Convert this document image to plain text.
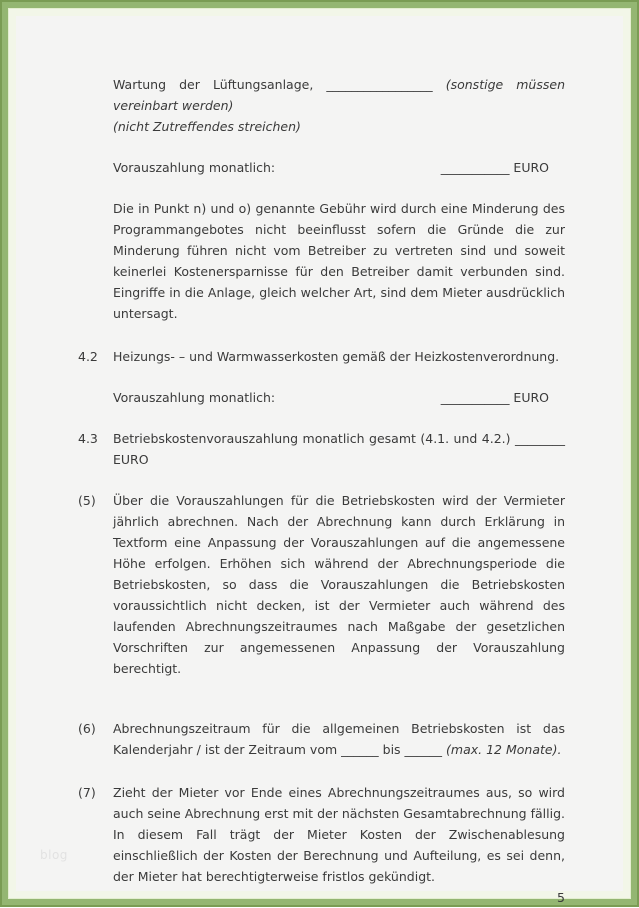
Wartung der Lüftungsanlage, _________________ (sonstige müssen vereinbart werden)
(nicht Zutreffendes streichen)
Vorauszahlung monatlich:	___________ EURO
Die in Punkt n) und o) genannte Gebühr wird durch eine Minderung des Programmangebotes nicht beeinflusst sofern die Gründe die zur Minderung führen nicht vom Betreiber zu vertreten sind und soweit keinerlei Kostenersparnisse für den Betreiber damit verbunden sind. Eingriffe in die Anlage, gleich welcher Art, sind dem Mieter ausdrücklich untersagt.
4.2	Heizungs- – und Warmwasserkosten gemäß der Heizkostenverordnung.
Vorauszahlung monatlich:	___________ EURO
4.3	Betriebskostenvorauszahlung monatlich gesamt (4.1. und 4.2.) ________ EURO
(5)	Über die Vorauszahlungen für die Betriebskosten wird der Vermieter jährlich abrechnen. Nach der Abrechnung kann durch Erklärung in Textform eine Anpassung der Vorauszahlungen auf die angemessene Höhe erfolgen. Erhöhen sich während der Abrechnungsperiode die Betriebskosten, so dass die Vorauszahlungen die Betriebskosten voraussichtlich nicht decken, ist der Vermieter auch während des laufenden Abrechnungszeitraumes nach Maßgabe der gesetzlichen Vorschriften zur angemessenen Anpassung der Vorauszahlung berechtigt.
(6)	Abrechnungszeitraum für die allgemeinen Betriebskosten ist das Kalenderjahr / ist der Zeitraum vom ______ bis ______ (max. 12 Monate).
(7)	Zieht der Mieter vor Ende eines Abrechnungszeitraumes aus, so wird auch seine Abrechnung erst mit der nächsten Gesamtabrechnung fällig. In diesem Fall trägt der Mieter Kosten der Zwischenablesung einschließlich der Kosten der Berechnung und Aufteilung, es sei denn, der Mieter hat berechtigterweise fristlos gekündigt.
5
blog
